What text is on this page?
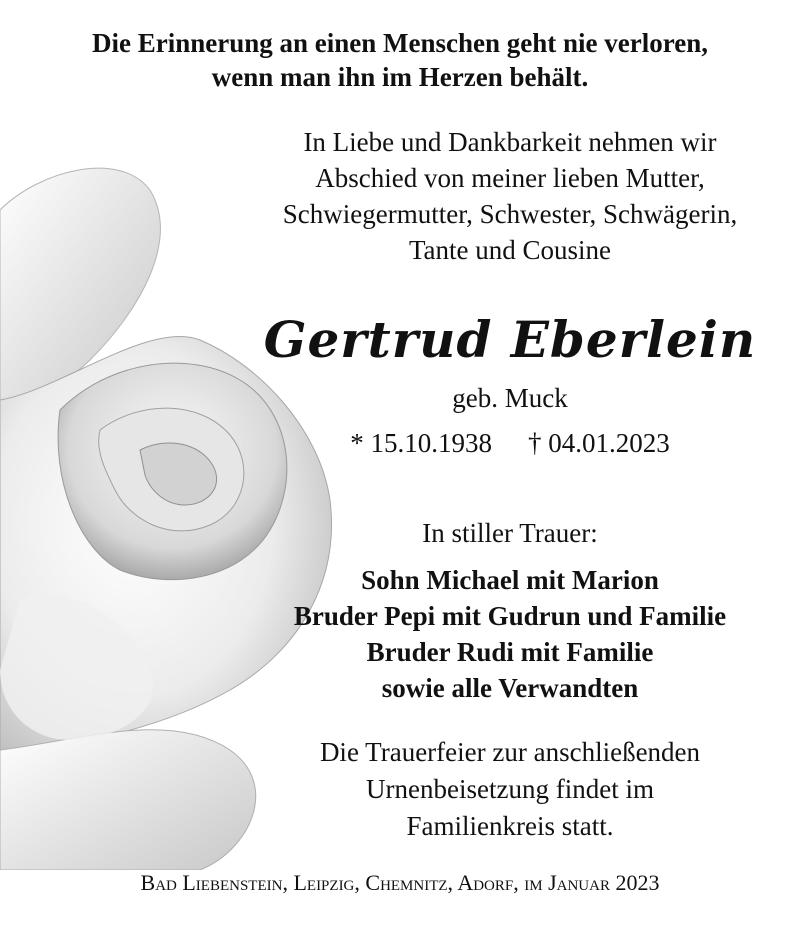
Die Erinnerung an einen Menschen geht nie verloren,
wenn man ihn im Herzen behält.
In Liebe und Dankbarkeit nehmen wir
Abschied von meiner lieben Mutter,
Schwiegermutter, Schwester, Schwägerin,
Tante und Cousine
Gertrud Eberlein
geb. Muck
* 15.10.1938 † 04.01.2023
In stiller Trauer:
Sohn Michael mit Marion
Bruder Pepi mit Gudrun und Familie
Bruder Rudi mit Familie
sowie alle Verwandten
Die Trauerfeier zur anschließenden
Urnenbeisetzung findet im
Familienkreis statt.
Bad Liebenstein, Leipzig, Chemnitz, Adorf, im Januar 2023
